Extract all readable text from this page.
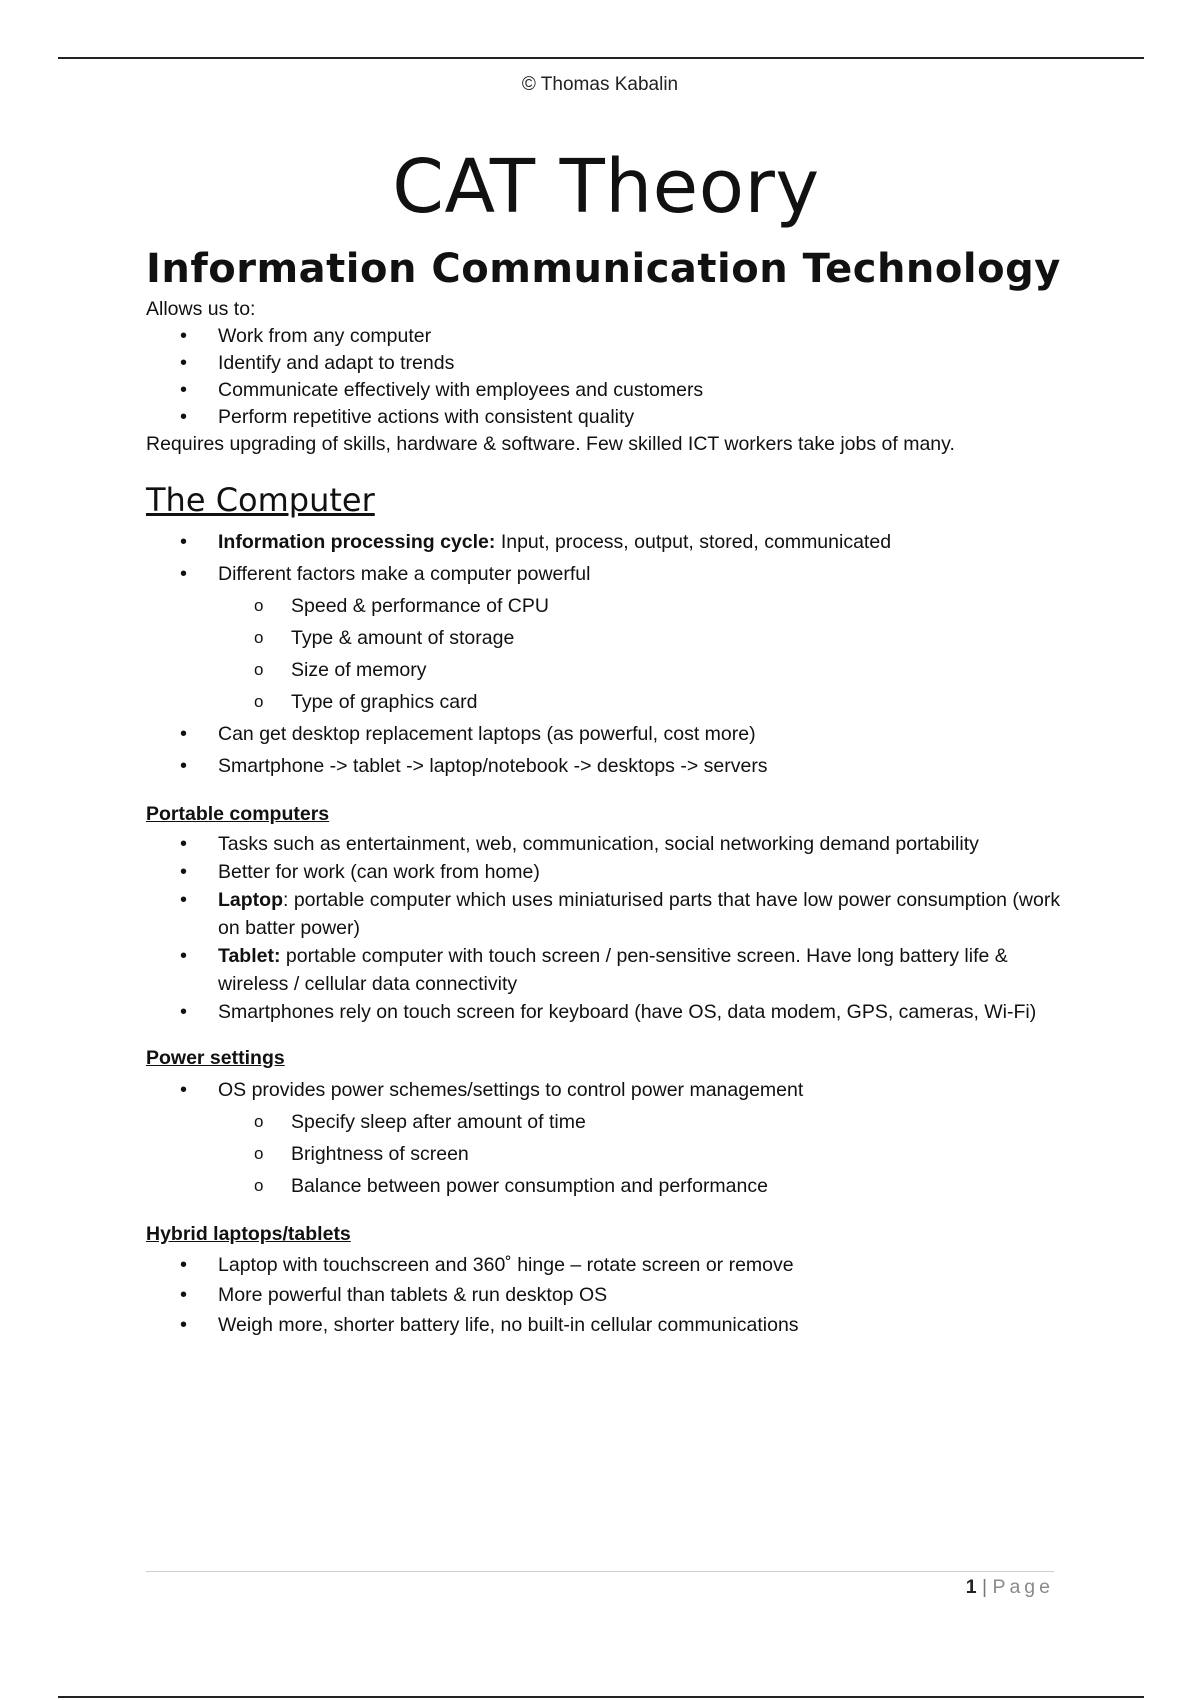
© Thomas Kabalin
CAT Theory
Information Communication Technology

Allows us to:

• Work from any computer
• Identify and adapt to trends
• Communicate effectively with employees and customers
• Perform repetitive actions with consistent quality

Requires upgrading of skills, hardware & software. Few skilled ICT workers take jobs of many.

The Computer
• Information processing cycle: Input, process, output, stored, communicated
• Different factors make a computer powerful
o Speed & performance of CPU
o Type & amount of storage
o Size of memory
o Type of graphics card
• Can get desktop replacement laptops (as powerful, cost more)
• Smartphone -> tablet -> laptop/notebook -> desktops -> servers
Portable computers
• Tasks such as entertainment, web, communication, social networking demand portability
• Better for work (can work from home)
• Laptop: portable computer which uses miniaturised parts that have low power consumption (work on batter power)
• Tablet: portable computer with touch screen / pen-sensitive screen. Have long battery life & wireless / cellular data connectivity
• Smartphones rely on touch screen for keyboard (have OS, data modem, GPS, cameras, Wi-Fi)
Power settings
• OS provides power schemes/settings to control power management
o Specify sleep after amount of time
o Brightness of screen
o Balance between power consumption and performance
Hybrid laptops/tablets
• Laptop with touchscreen and 360˚ hinge – rotate screen or remove
• More powerful than tablets & run desktop OS
• Weigh more, shorter battery life, no built-in cellular communications
1 | Page
